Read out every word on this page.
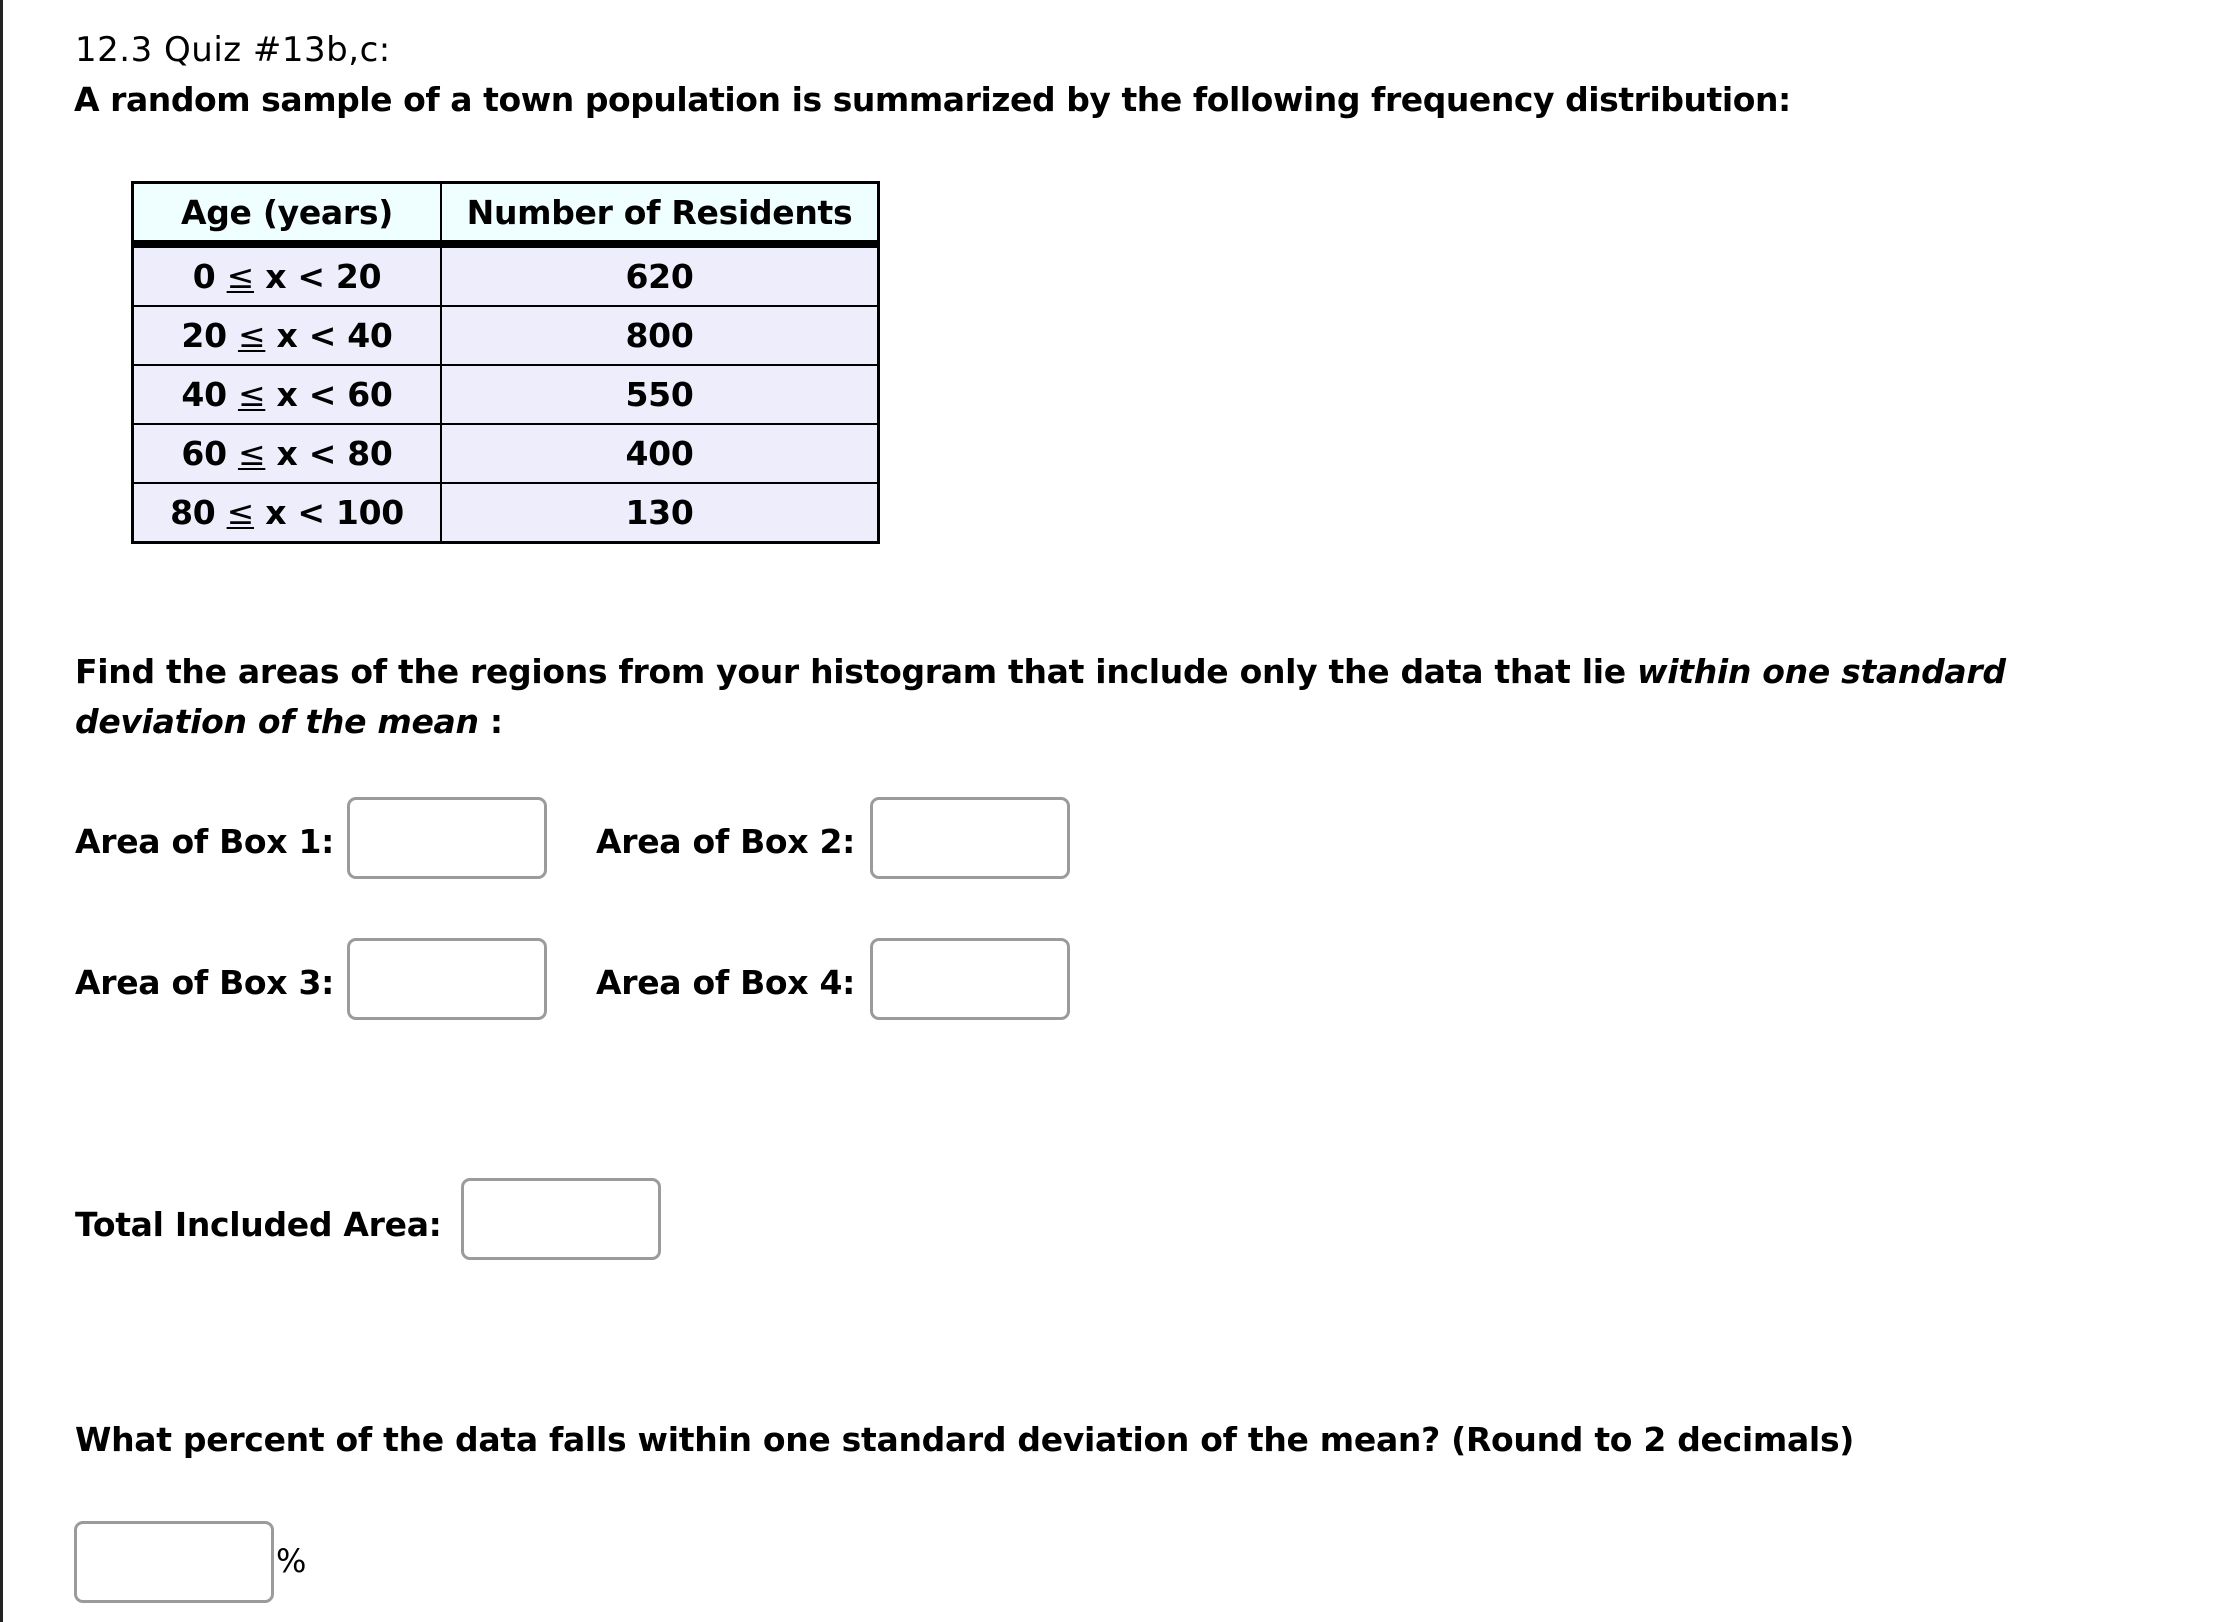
12.3 Quiz #13b,c:
A random sample of a town population is summarized by the following frequency distribution:
Age (years)	Number of Residents
0 ≤ x < 20	620
20 ≤ x < 40	800
40 ≤ x < 60	550
60 ≤ x < 80	400
80 ≤ x < 100	130
Find the areas of the regions from your histogram that include only the data that lie within one standard
deviation of the mean :
Area of Box 1:	Area of Box 2:
Area of Box 3:	Area of Box 4:
Total Included Area:
What percent of the data falls within one standard deviation of the mean? (Round to 2 decimals)
%
